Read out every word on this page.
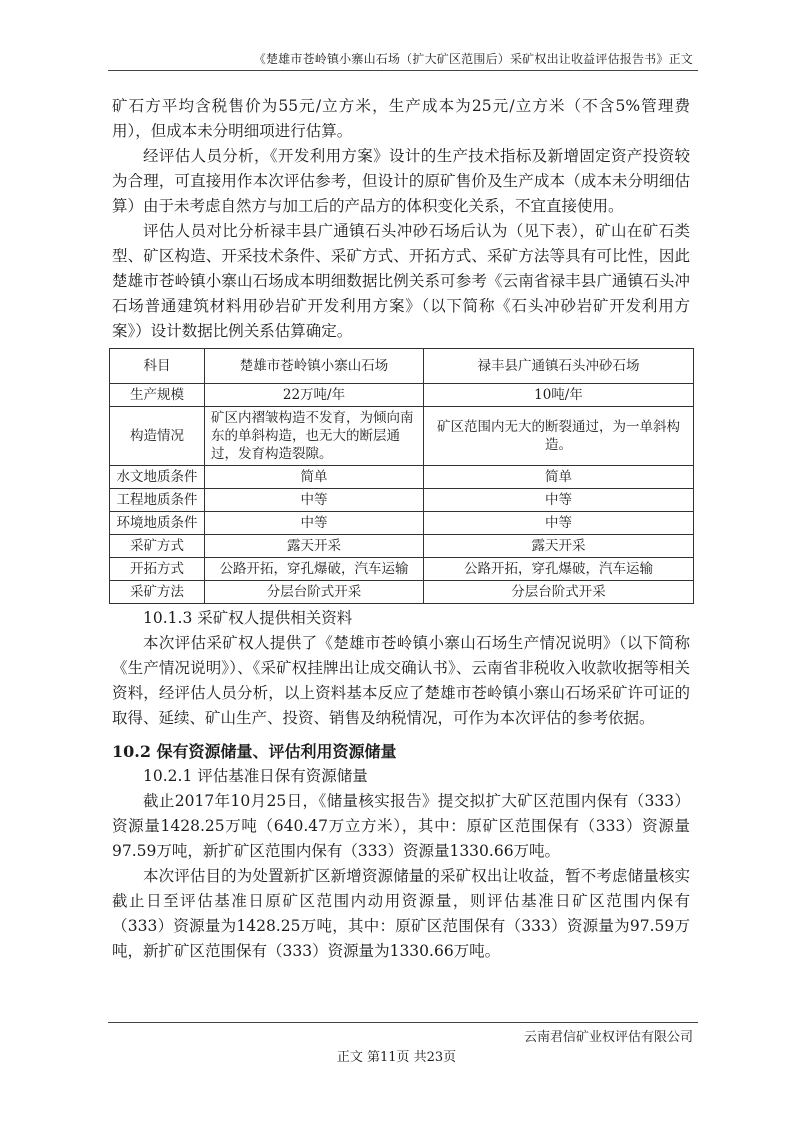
《楚雄市苍岭镇小寨山石场（扩大矿区范围后）采矿权出让收益评估报告书》正文

矿石方平均含税售价为55元/立方米，生产成本为25元/立方米（不含5%管理费用），但成本未分明细项进行估算。

经评估人员分析，《开发利用方案》设计的生产技术指标及新增固定资产投资较为合理，可直接用作本次评估参考，但设计的原矿售价及生产成本（成本未分明细估算）由于未考虑自然方与加工后的产品方的体积变化关系，不宜直接使用。

评估人员对比分析禄丰县广通镇石头冲砂石场后认为（见下表），矿山在矿石类型、矿区构造、开采技术条件、采矿方式、开拓方式、采矿方法等具有可比性，因此楚雄市苍岭镇小寨山石场成本明细数据比例关系可参考《云南省禄丰县广通镇石头冲石场普通建筑材料用砂岩矿开发利用方案》（以下简称《石头冲砂岩矿开发利用方案》）设计数据比例关系估算确定。

科目	楚雄市苍岭镇小寨山石场	禄丰县广通镇石头冲砂石场
生产规模	22万吨/年	10吨/年
构造情况	矿区内褶皱构造不发育，为倾向南东的单斜构造，也无大的断层通过，发育构造裂隙。	矿区范围内无大的断裂通过，为一单斜构造。
水文地质条件	简单	简单
工程地质条件	中等	中等
环境地质条件	中等	中等
采矿方式	露天开采	露天开采
开拓方式	公路开拓，穿孔爆破，汽车运输	公路开拓，穿孔爆破，汽车运输
采矿方法	分层台阶式开采	分层台阶式开采

10.1.3 采矿权人提供相关资料

本次评估采矿权人提供了《楚雄市苍岭镇小寨山石场生产情况说明》（以下简称《生产情况说明》）、《采矿权挂牌出让成交确认书》、云南省非税收入收款收据等相关资料，经评估人员分析，以上资料基本反应了楚雄市苍岭镇小寨山石场采矿许可证的取得、延续、矿山生产、投资、销售及纳税情况，可作为本次评估的参考依据。

10.2 保有资源储量、评估利用资源储量

10.2.1 评估基准日保有资源储量

截止2017年10月25日，《储量核实报告》提交拟扩大矿区范围内保有（333）资源量1428.25万吨（640.47万立方米），其中：原矿区范围保有（333）资源量97.59万吨，新扩矿区范围内保有（333）资源量1330.66万吨。

本次评估目的为处置新扩区新增资源储量的采矿权出让收益，暂不考虑储量核实截止日至评估基准日原矿区范围内动用资源量，则评估基准日矿区范围内保有（333）资源量为1428.25万吨，其中：原矿区范围保有（333）资源量为97.59万吨，新扩矿区范围保有（333）资源量为1330.66万吨。

云南君信矿业权评估有限公司
正文 第11页 共23页
